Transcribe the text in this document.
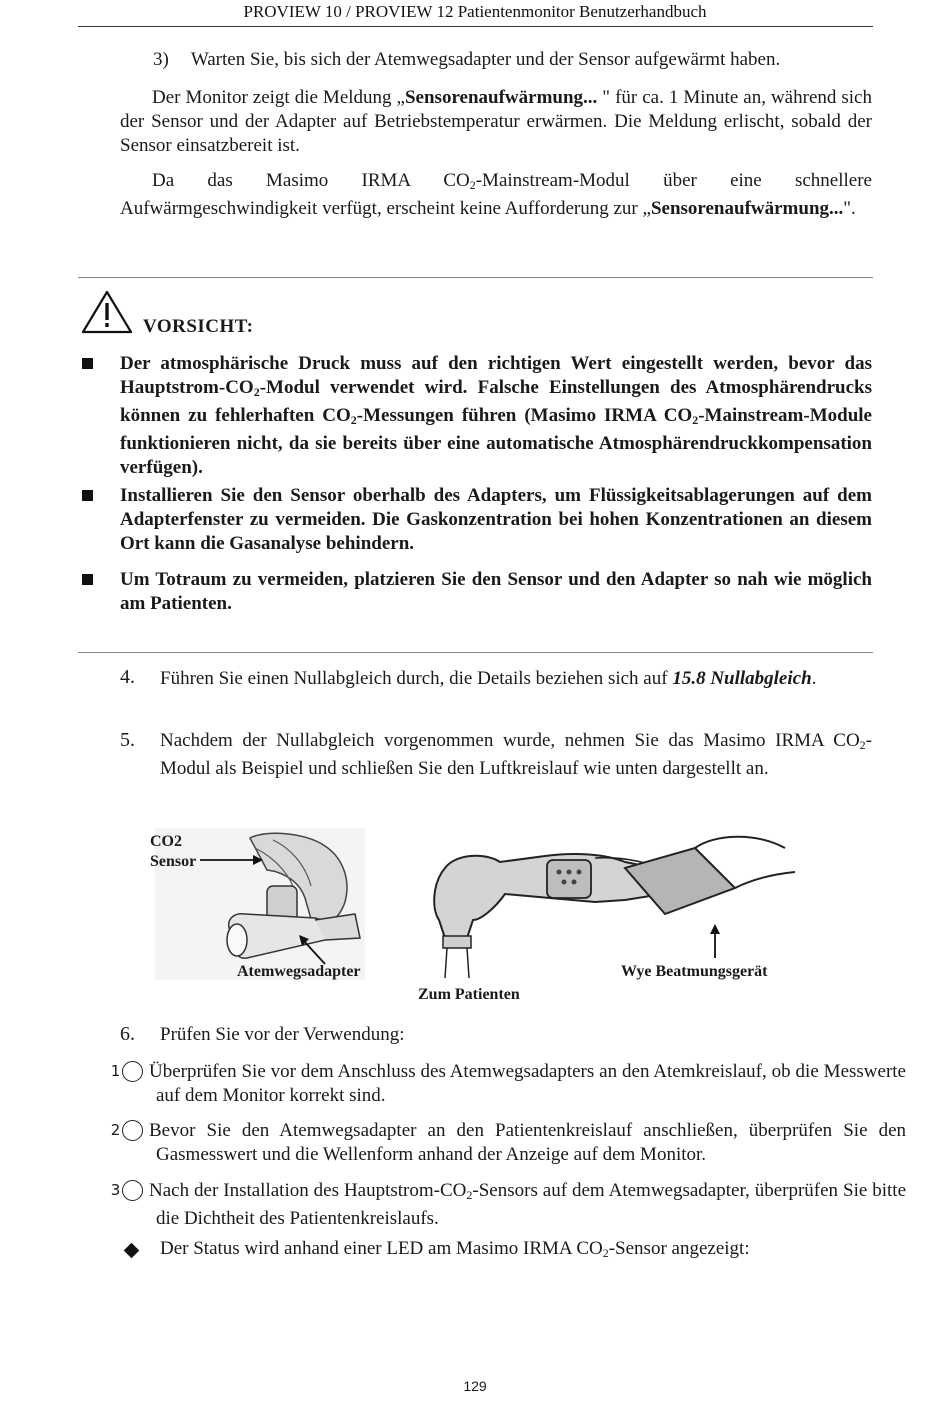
PROVIEW 10 / PROVIEW 12 Patientenmonitor Benutzerhandbuch
3) Warten Sie, bis sich der Atemwegsadapter und der Sensor aufgewärmt haben.
Der Monitor zeigt die Meldung „Sensorenaufwärmung... " für ca. 1 Minute an, während sich der Sensor und der Adapter auf Betriebstemperatur erwärmen. Die Meldung erlischt, sobald der Sensor einsatzbereit ist.
Da das Masimo IRMA $CO_2-Mainstream$-Modul über eine schnellere Aufwärmgeschwindigkeit verfügt, erscheint keine Aufforderung zur „Sensorenaufwärmung...".
VORSICHT:
Der atmosphärische Druck muss auf den richtigen Wert eingestellt werden, bevor das Hauptstrom-$CO_2$-Modul verwendet wird. Falsche Einstellungen des Atmosphärendrucks können zu fehlerhaften $CO_2$-Messungen führen (Masimo IRMA $CO_2-Mainstream$-Module funktionieren nicht, da sie bereits über eine automatische Atmosphärendruckkompensation verfügen).
Installieren Sie den Sensor oberhalb des Adapters, um Flüssigkeitsablagerungen auf dem Adapterfenster zu vermeiden. Die Gaskonzentration bei hohen Konzentrationen an diesem Ort kann die Gasanalyse behindern.
Um Totraum zu vermeiden, platzieren Sie den Sensor und den Adapter so nah wie möglich am Patienten.
4. Führen Sie einen Nullabgleich durch, die Details beziehen sich auf 15.8 Nullabgleich.
5. Nachdem der Nullabgleich vorgenommen wurde, nehmen Sie das Masimo IRMA $CO_2$-Modul als Beispiel und schließen Sie den Luftkreislauf wie unten dargestellt an.
CO2
Sensor
Atemwegsadapter
Zum Patienten
Wye Beatmungsgerät
6. Prüfen Sie vor der Verwendung:
1 Überprüfen Sie vor dem Anschluss des Atemwegsadapters an den Atemkreislauf, ob die Messwerte auf dem Monitor korrekt sind.
2 Bevor Sie den Atemwegsadapter an den Patientenkreislauf anschließen, überprüfen Sie den Gasmesswert und die Wellenform anhand der Anzeige auf dem Monitor.
3 Nach der Installation des Hauptstrom-$CO_2$-Sensors auf dem Atemwegsadapter, überprüfen Sie bitte die Dichtheit des Patientenkreislaufs.
Der Status wird anhand einer LED am Masimo IRMA $CO_2$-Sensor angezeigt:
129
